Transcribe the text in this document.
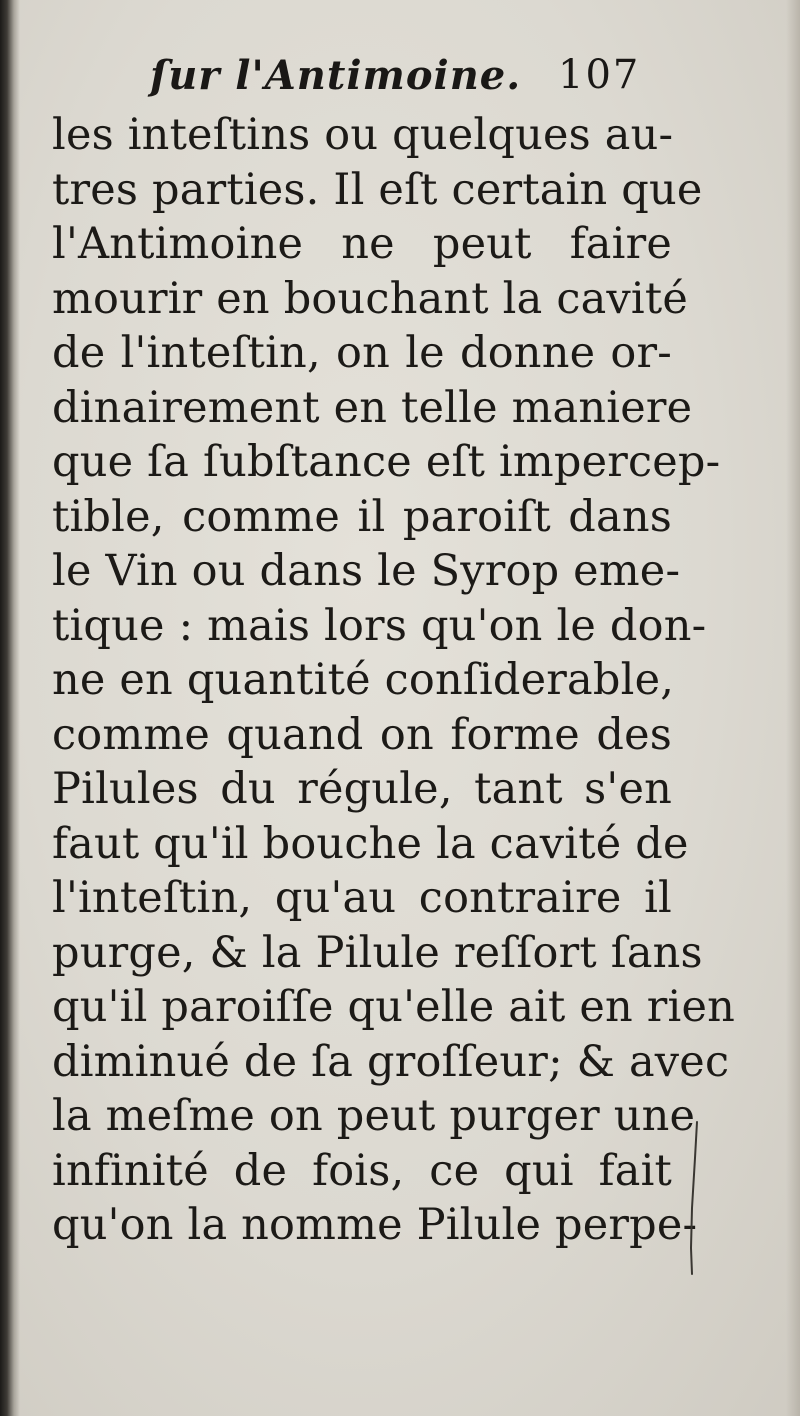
ſur l'Antimoine. 107
les inteſtins ou quelques au-
tres parties. Il eſt certain que
l'Antimoine ne peut faire
mourir en bouchant la cavité
de l'inteſtin, on le donne or-
dinairement en telle maniere
que ſa ſubſtance eſt impercep-
tible, comme il paroiſt dans
le Vin ou dans le Syrop eme-
tique : mais lors qu'on le don-
ne en quantité conſiderable,
comme quand on forme des
Pilules du régule, tant s'en
faut qu'il bouche la cavité de
l'inteſtin, qu'au contraire il
purge, & la Pilule reſſort ſans
qu'il paroiſſe qu'elle ait en rien
diminué de ſa groſſeur; & avec
la meſme on peut purger une
infinité de fois, ce qui fait
qu'on la nomme Pilule perpe-
